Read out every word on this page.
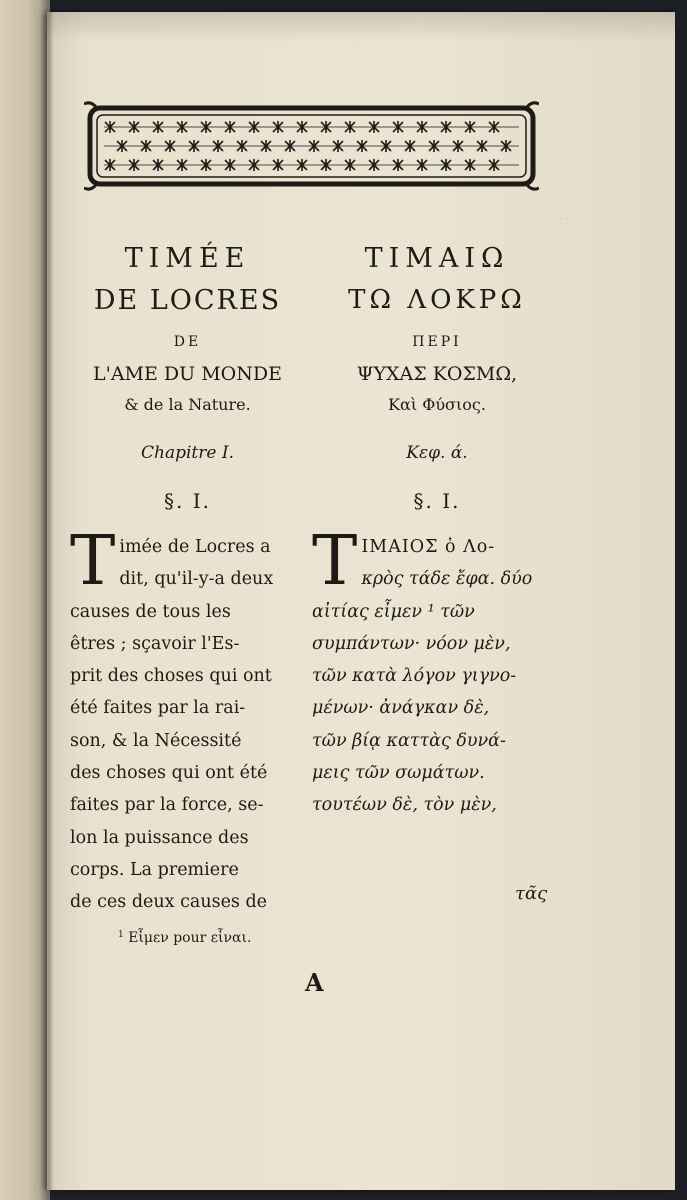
· · · ·

TIMÉE

DE LOCRES

DE

L'AME DU MONDE

& de la Nature.

Chapitre I.

§. I.

T imée de Locres a
dit, qu'il-y-a deux
causes de tous les
êtres ; sçavoir l'Es-
prit des choses qui ont
été faites par la rai-
son, & la Nécessité
des choses qui ont été
faites par la force, se-
lon la puissance des
corps. La premiere
de ces deux causes de

ΤΙΜΑΙΩ

ΤΩ ΛΟΚΡΩ

ΠΕΡΙ

ΨΥΧΑΣ ΚΟΣΜΩ,

Καὶ Φύσιος.

Κεφ. ά.

§. I.

Τ ΙΜΑΙΟΣ ὁ Λο-
κρὸς τάδε ἔφα. δύο
αἰτίας εἶμεν ¹ τῶν
συμπάντων· νόον μὲν,
τῶν κατὰ λόγον γιγνο-
μένων· ἀνάγκαν δὲ,
τῶν βίᾳ καττὰς δυνά-
μεις τῶν σωμάτων.
τουτέων δὲ, τὸν μὲν,
τᾶς
$^1$ Εἶμεν pour εἶναι.
A
